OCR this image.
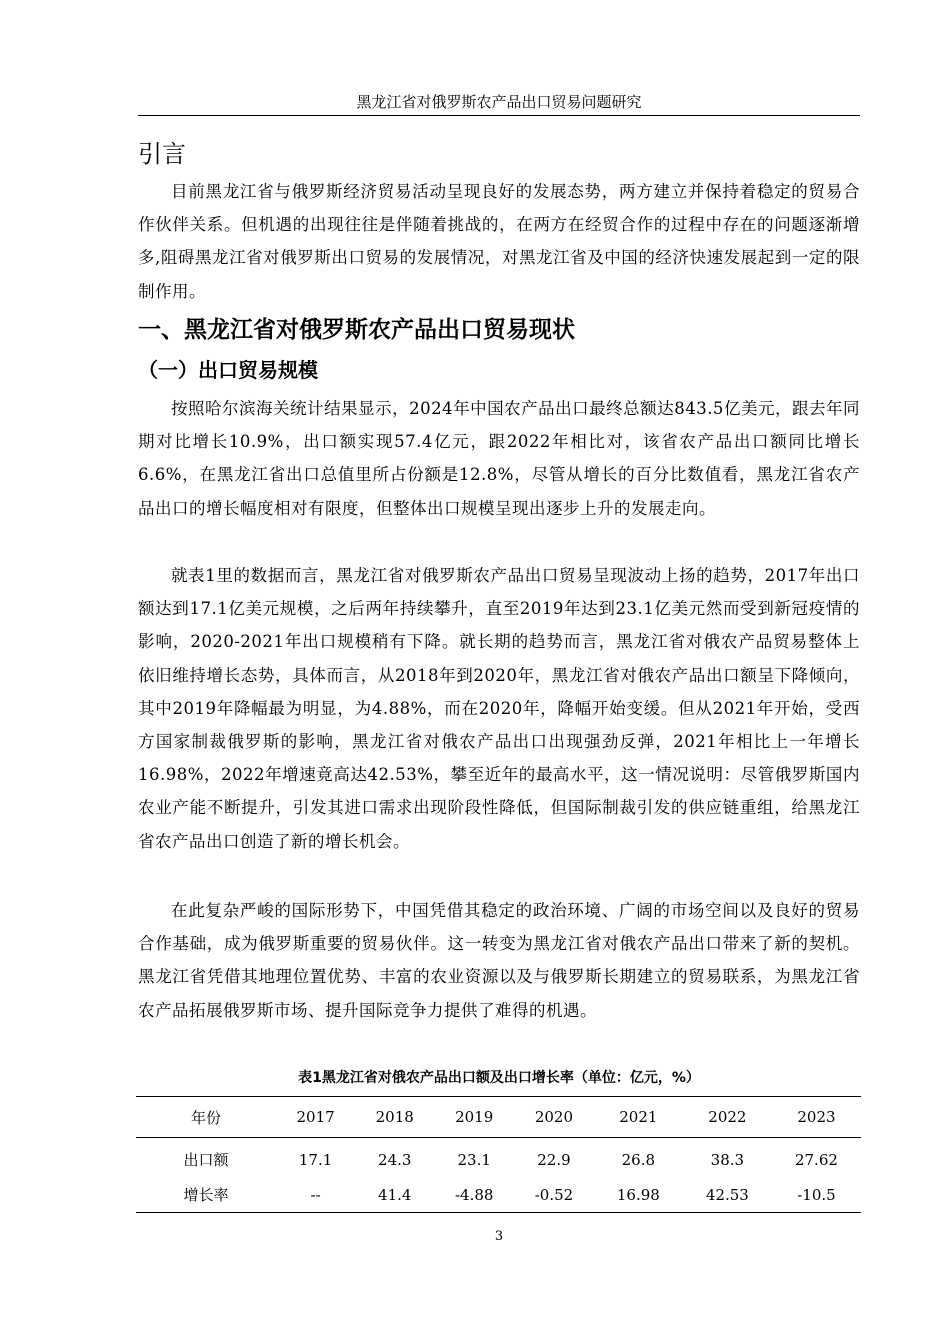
黑龙江省对俄罗斯农产品出口贸易问题研究
引言

目前黑龙江省与俄罗斯经济贸易活动呈现良好的发展态势，两方建立并保持着稳定的贸易合作伙伴关系。但机遇的出现往往是伴随着挑战的，在两方在经贸合作的过程中存在的问题逐渐增多,阻碍黑龙江省对俄罗斯出口贸易的发展情况，对黑龙江省及中国的经济快速发展起到一定的限制作用。

一、黑龙江省对俄罗斯农产品出口贸易现状
（一）出口贸易规模

按照哈尔滨海关统计结果显示，2024年中国农产品出口最终总额达843.5亿美元，跟去年同期对比增长10.9%，出口额实现57.4亿元，跟2022年相比对，该省农产品出口额同比增长6.6%，在黑龙江省出口总值里所占份额是12.8%，尽管从增长的百分比数值看，黑龙江省农产品出口的增长幅度相对有限度，但整体出口规模呈现出逐步上升的发展走向。

就表1里的数据而言，黑龙江省对俄罗斯农产品出口贸易呈现波动上扬的趋势，2017年出口额达到17.1亿美元规模，之后两年持续攀升，直至2019年达到23.1亿美元然而受到新冠疫情的影响，2020-2021年出口规模稍有下降。就长期的趋势而言，黑龙江省对俄农产品贸易整体上依旧维持增长态势，具体而言，从2018年到2020年，黑龙江省对俄农产品出口额呈下降倾向，其中2019年降幅最为明显，为4.88%，而在2020年，降幅开始变缓。但从2021年开始，受西方国家制裁俄罗斯的影响，黑龙江省对俄农产品出口出现强劲反弹，2021年相比上一年增长16.98%，2022年增速竟高达42.53%，攀至近年的最高水平，这一情况说明：尽管俄罗斯国内农业产能不断提升，引发其进口需求出现阶段性降低，但国际制裁引发的供应链重组，给黑龙江省农产品出口创造了新的增长机会。

在此复杂严峻的国际形势下，中国凭借其稳定的政治环境、广阔的市场空间以及良好的贸易合作基础，成为俄罗斯重要的贸易伙伴。这一转变为黑龙江省对俄农产品出口带来了新的契机。黑龙江省凭借其地理位置优势、丰富的农业资源以及与俄罗斯长期建立的贸易联系，为黑龙江省农产品拓展俄罗斯市场、提升国际竞争力提供了难得的机遇。

表1黑龙江省对俄农产品出口额及出口增长率（单位：亿元，%）
年份	2017	2018	2019	2020	2021	2022	2023
出口额	17.1	24.3	23.1	22.9	26.8	38.3	27.62
增长率	--	41.4	-4.88	-0.52	16.98	42.53	-10.5
3
